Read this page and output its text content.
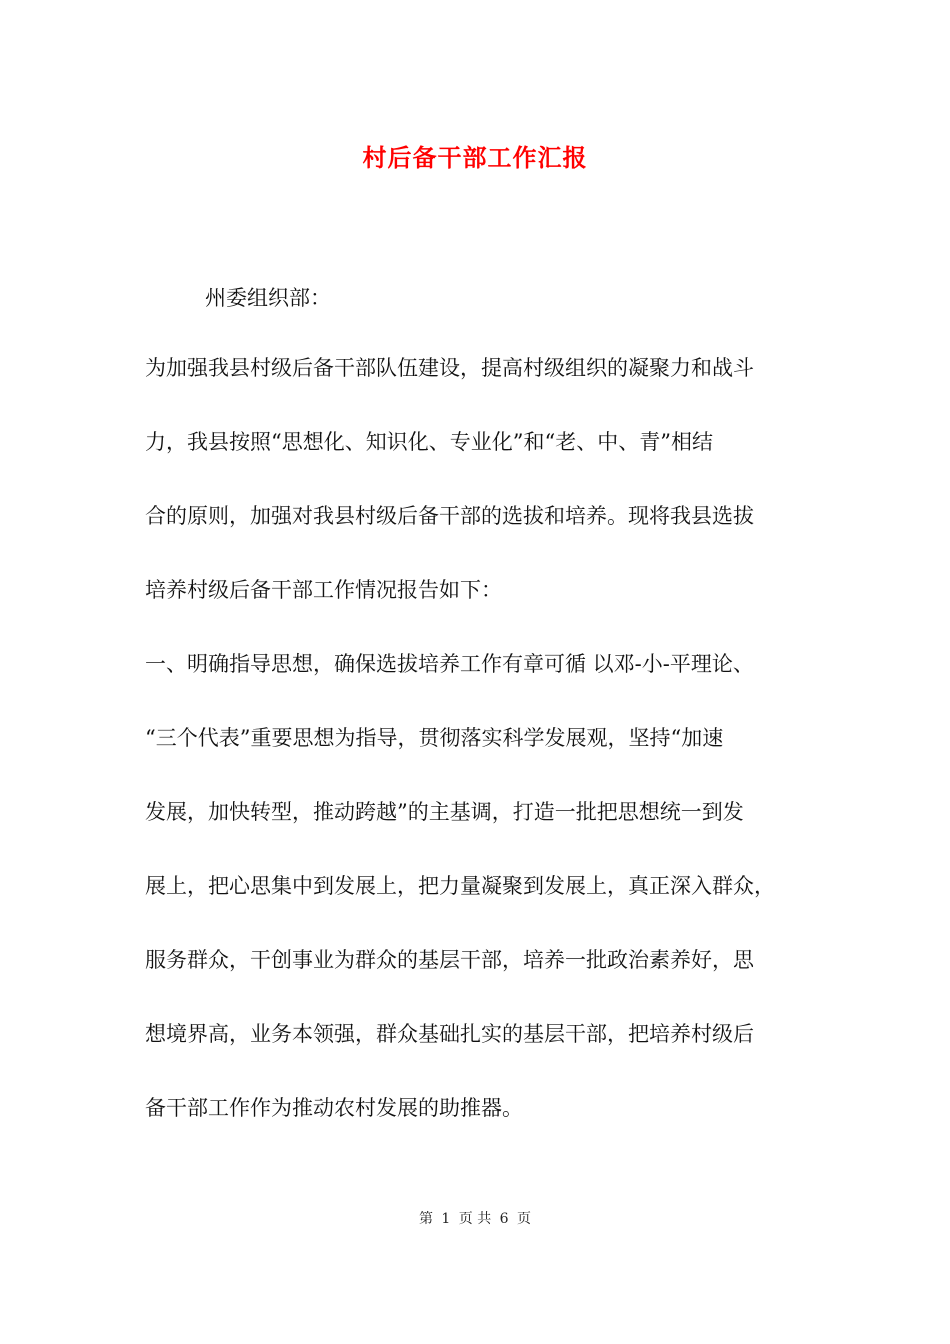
村后备干部工作汇报
州委组织部：
为加强我县村级后备干部队伍建设，提高村级组织的凝聚力和战斗
力，我县按照“思想化、知识化、专业化”和“老、中、青”相结
合的原则，加强对我县村级后备干部的选拔和培养。现将我县选拔
培养村级后备干部工作情况报告如下：
一、明确指导思想，确保选拔培养工作有章可循 以邓-小-平理论、
“三个代表”重要思想为指导，贯彻落实科学发展观，坚持“加速
发展，加快转型，推动跨越”的主基调，打造一批把思想统一到发
展上，把心思集中到发展上，把力量凝聚到发展上，真正深入群众，
服务群众，干创事业为群众的基层干部，培养一批政治素养好，思
想境界高，业务本领强，群众基础扎实的基层干部，把培养村级后
备干部工作作为推动农村发展的助推器。
第 1 页 共 6 页
